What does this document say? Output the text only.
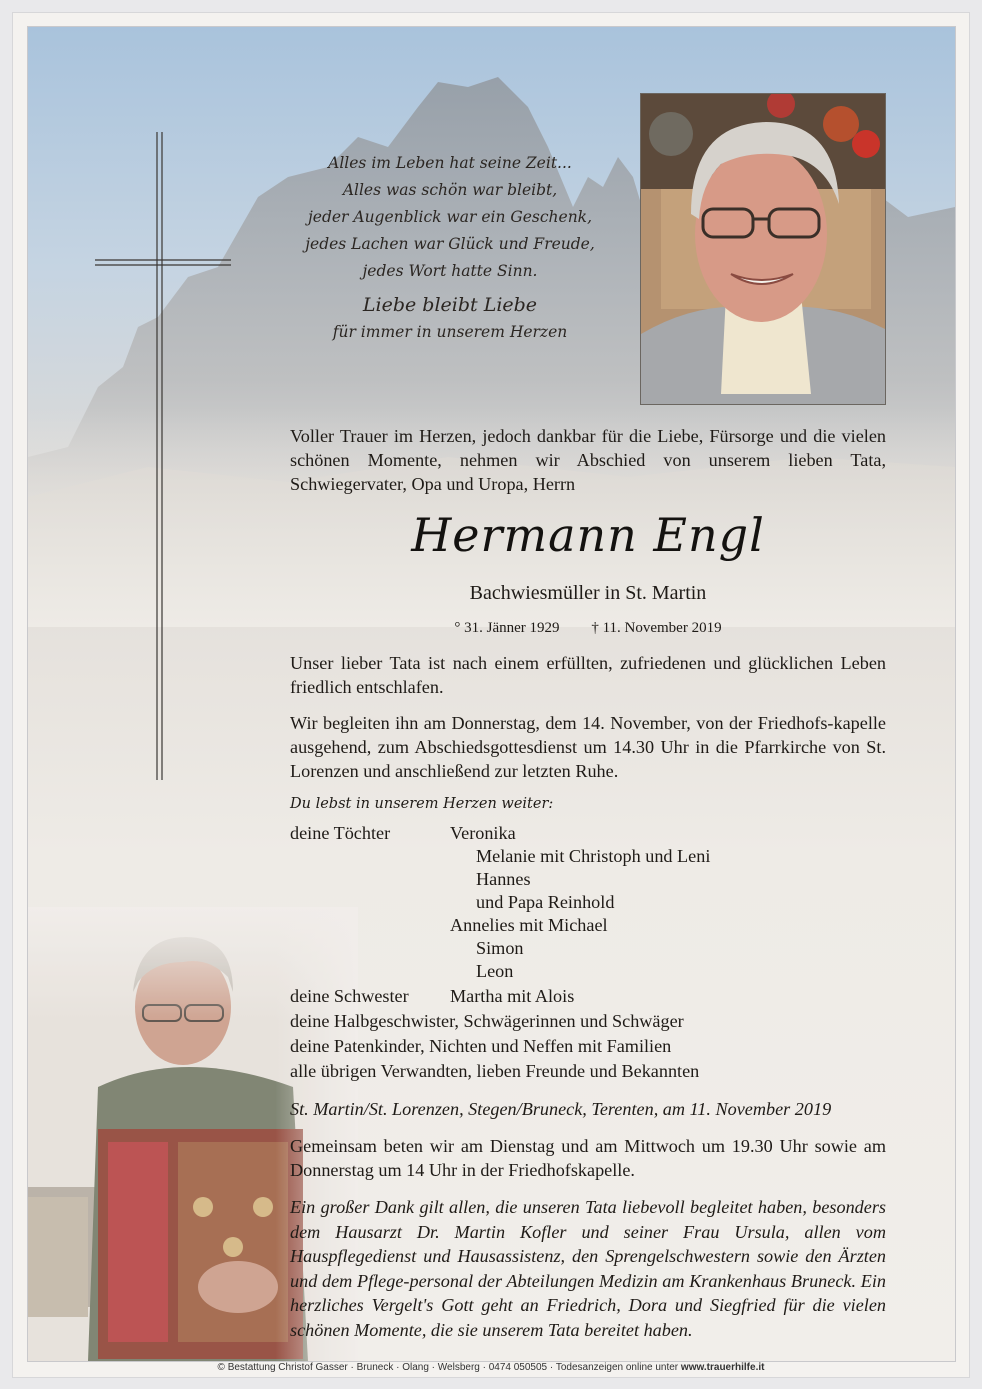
Alles im Leben hat seine Zeit...
Alles was schön war bleibt,
jeder Augenblick war ein Geschenk,
jedes Lachen war Glück und Freude,
jedes Wort hatte Sinn.
Liebe bleibt Liebe
für immer in unserem Herzen
Voller Trauer im Herzen, jedoch dankbar für die Liebe, Fürsorge und die vielen schönen Momente, nehmen wir Abschied von unserem lieben Tata, Schwiegervater, Opa und Uropa, Herrn
Hermann Engl
Bachwiesmüller in St. Martin
° 31. Jänner 1929 † 11. November 2019
Unser lieber Tata ist nach einem erfüllten, zufriedenen und glücklichen Leben friedlich entschlafen.
Wir begleiten ihn am Donnerstag, dem 14. November, von der Friedhofs-kapelle ausgehend, zum Abschiedsgottesdienst um 14.30 Uhr in die Pfarrkirche von St. Lorenzen und anschließend zur letzten Ruhe.
Du lebst in unserem Herzen weiter:
deine Töchter	Veronika
Melanie mit Christoph und Leni
Hannes
und Papa Reinhold
Annelies mit Michael
Simon
Leon
deine Schwester Martha mit Alois
deine Halbgeschwister, Schwägerinnen und Schwäger
deine Patenkinder, Nichten und Neffen mit Familien
alle übrigen Verwandten, lieben Freunde und Bekannten
St. Martin/St. Lorenzen, Stegen/Bruneck, Terenten, am 11. November 2019
Gemeinsam beten wir am Dienstag und am Mittwoch um 19.30 Uhr sowie am Donnerstag um 14 Uhr in der Friedhofskapelle.
Ein großer Dank gilt allen, die unseren Tata liebevoll begleitet haben, besonders dem Hausarzt Dr. Martin Kofler und seiner Frau Ursula, allen vom Hauspflegedienst und Hausassistenz, den Sprengelschwestern sowie den Ärzten und dem Pflege-personal der Abteilungen Medizin am Krankenhaus Bruneck. Ein herzliches Vergelt's Gott geht an Friedrich, Dora und Siegfried für die vielen schönen Momente, die sie unserem Tata bereitet haben.
© Bestattung Christof Gasser · Bruneck · Olang · Welsberg · 0474 050505 · Todesanzeigen online unter www.trauerhilfe.it
